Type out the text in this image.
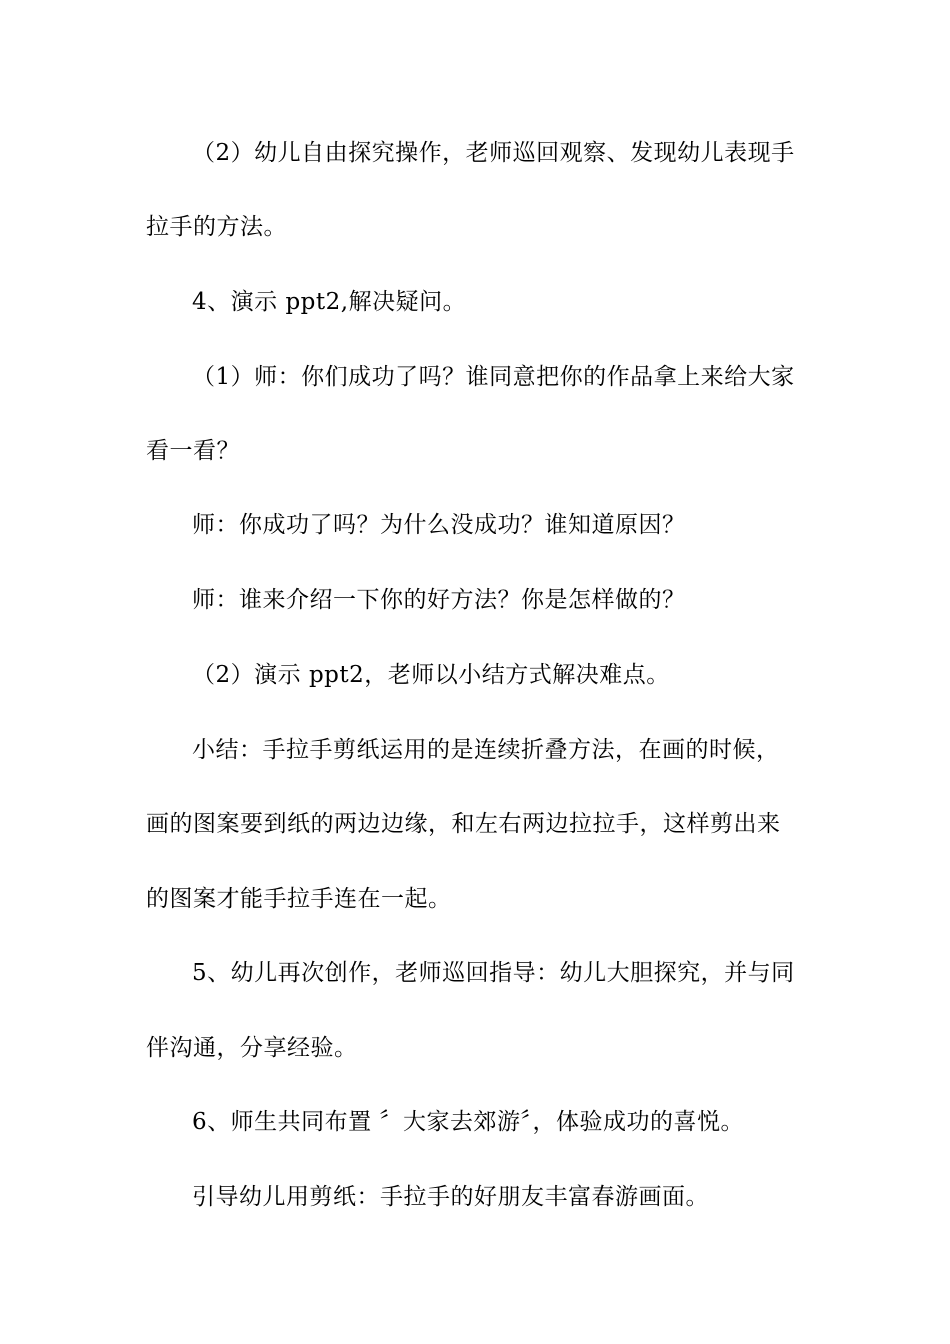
（2）幼儿自由探究操作，老师巡回观察、发现幼儿表现手
拉手的方法。
4、演示 ppt2,解决疑问。
（1）师：你们成功了吗？谁同意把你的作品拿上来给大家
看一看？
师：你成功了吗？为什么没成功？谁知道原因？
师：谁来介绍一下你的好方法？你是怎样做的？
（2）演示 ppt2，老师以小结方式解决难点。
小结：手拉手剪纸运用的是连续折叠方法，在画的时候，
画的图案要到纸的两边边缘，和左右两边拉拉手，这样剪出来
的图案才能手拉手连在一起。
5、幼儿再次创作，老师巡回指导：幼儿大胆探究，并与同
伴沟通，分享经验。
6、师生共同布置 〞大家去郊游〞，体验成功的喜悦。
引导幼儿用剪纸：手拉手的好朋友丰富春游画面。
